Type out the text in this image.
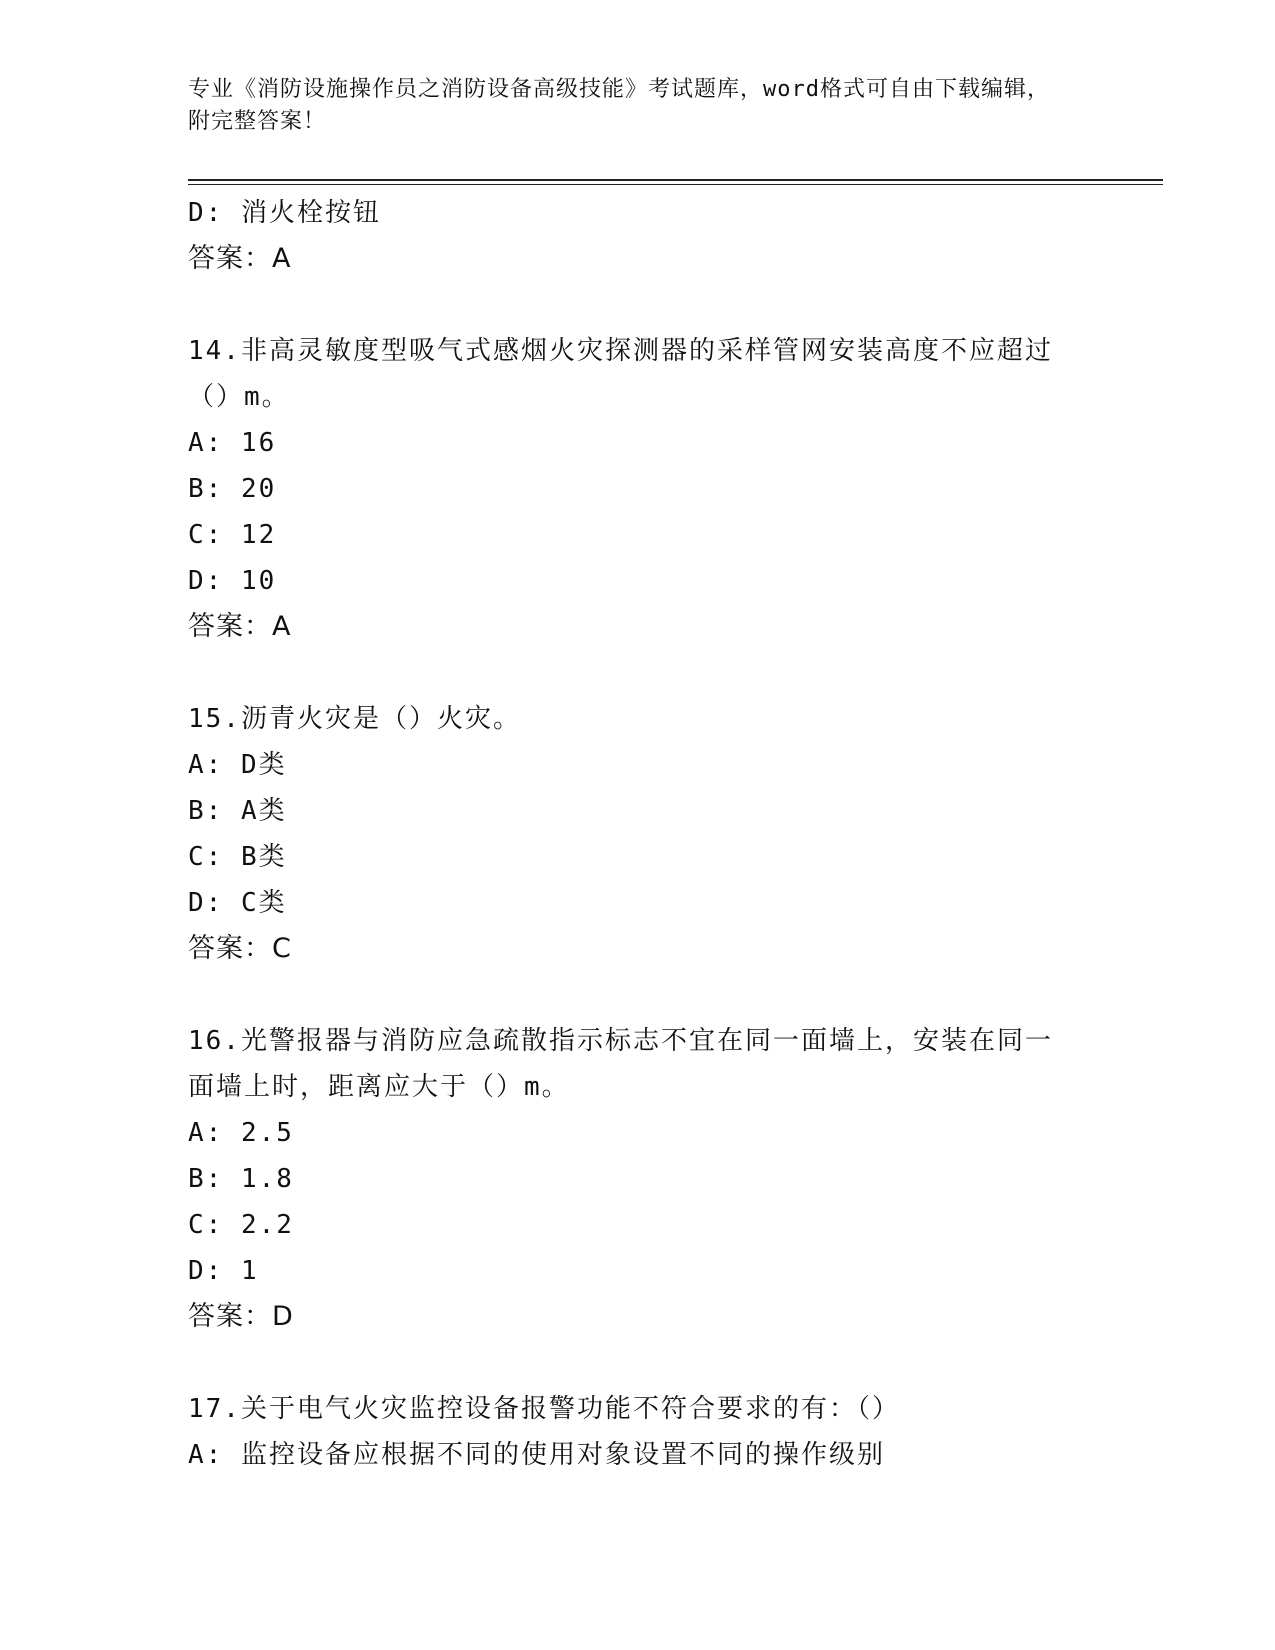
专业《消防设施操作员之消防设备高级技能》考试题库，word格式可自由下载编辑，附完整答案！
D: 消火栓按钮
答案：A
14.非高灵敏度型吸气式感烟火灾探测器的采样管网安装高度不应超过
（）m。
A: 16
B: 20
C: 12
D: 10
答案：A
15.沥青火灾是（）火灾。
A: D类
B: A类
C: B类
D: C类
答案：C
16.光警报器与消防应急疏散指示标志不宜在同一面墙上，安装在同一
面墙上时，距离应大于（）m。
A: 2.5
B: 1.8
C: 2.2
D: 1
答案：D
17.关于电气火灾监控设备报警功能不符合要求的有：（）
A: 监控设备应根据不同的使用对象设置不同的操作级别
